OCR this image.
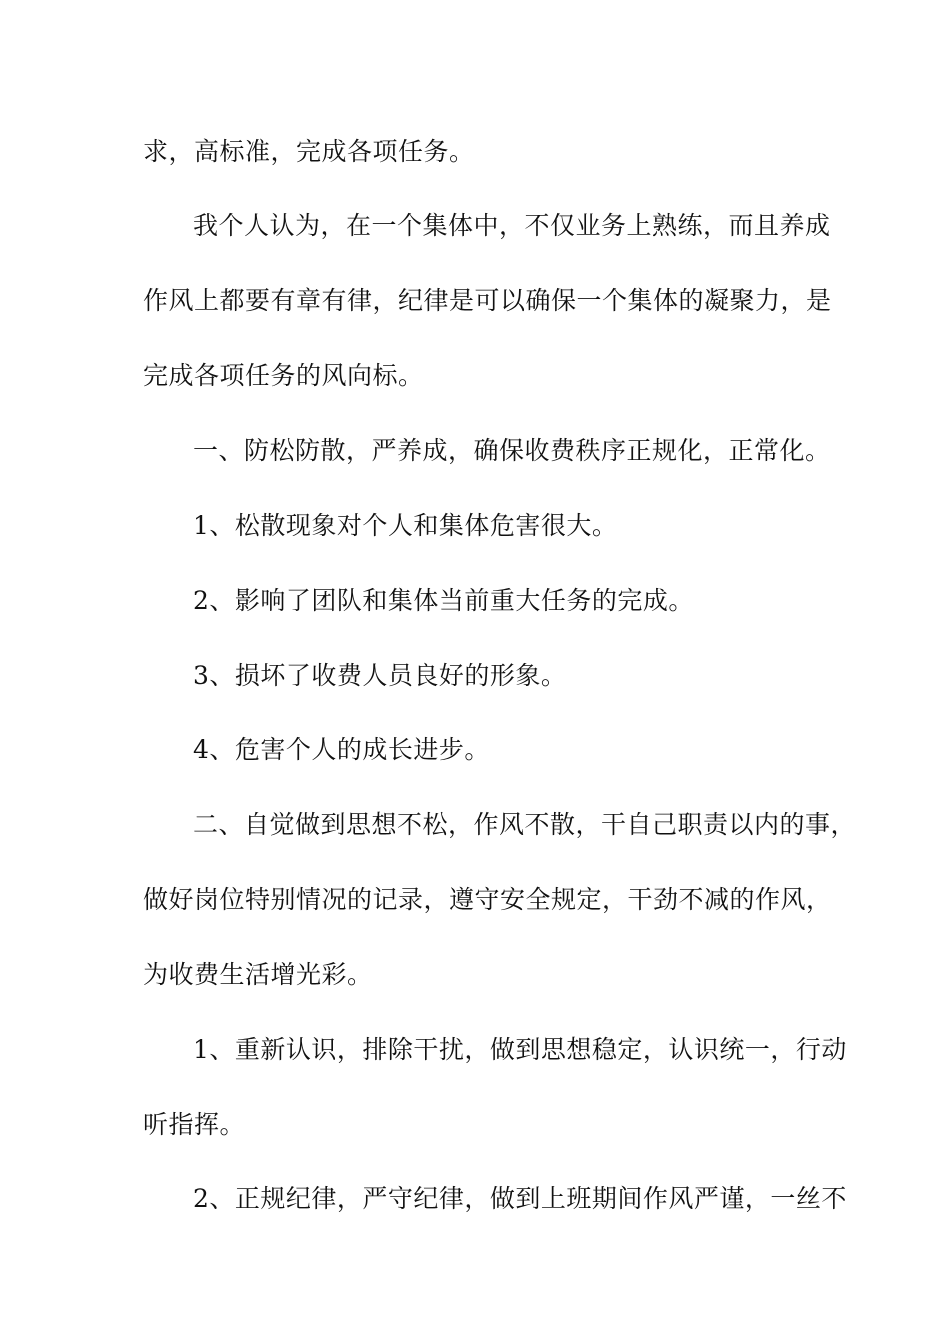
求，高标准，完成各项任务。
我个人认为，在一个集体中，不仅业务上熟练，而且养成
作风上都要有章有律，纪律是可以确保一个集体的凝聚力，是
完成各项任务的风向标。
一、防松防散，严养成，确保收费秩序正规化，正常化。
1、松散现象对个人和集体危害很大。
2、影响了团队和集体当前重大任务的完成。
3、损坏了收费人员良好的形象。
4、危害个人的成长进步。
二、自觉做到思想不松，作风不散，干自己职责以内的事，
做好岗位特别情况的记录，遵守安全规定，干劲不减的作风，
为收费生活增光彩。
1、重新认识，排除干扰，做到思想稳定，认识统一，行动
听指挥。
2、正规纪律，严守纪律，做到上班期间作风严谨，一丝不
